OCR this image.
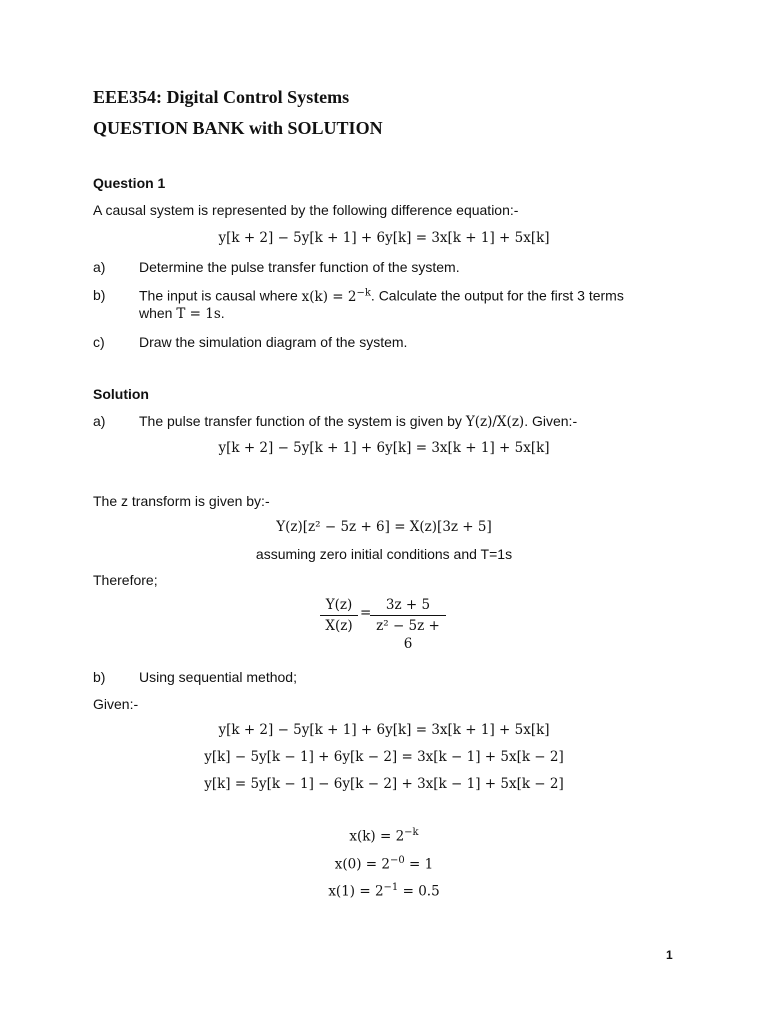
EEE354: Digital Control Systems
QUESTION BANK with SOLUTION
Question 1
A causal system is represented by the following difference equation:-
y[k + 2] − 5y[k + 1] + 6y[k] = 3x[k + 1] + 5x[k]
a) Determine the pulse transfer function of the system.
b) The input is causal where $x(k) = 2^{-k}$. Calculate the output for the first 3 terms
when T = 1s.
c) Draw the simulation diagram of the system.
Solution
a) The pulse transfer function of the system is given by Y(z)/X(z). Given:-
y[k + 2] − 5y[k + 1] + 6y[k] = 3x[k + 1] + 5x[k]
The z transform is given by:-
Y(z)[z² − 5z + 6] = X(z)[3z + 5]
assuming zero initial conditions and T=1s
Therefore;
Y(z)
X(z)
=	3z + 5
z² − 5z + 6
b) Using sequential method;
Given:-
y[k + 2] − 5y[k + 1] + 6y[k] = 3x[k + 1] + 5x[k]
y[k] − 5y[k − 1] + 6y[k − 2] = 3x[k − 1] + 5x[k − 2]
y[k] = 5y[k − 1] − 6y[k − 2] + 3x[k − 1] + 5x[k − 2]
$x(k) = 2^{-k}$
$x(0) = 2^{-0} = 1$
$x(1) = 2^{-1} = 0.5$
1
